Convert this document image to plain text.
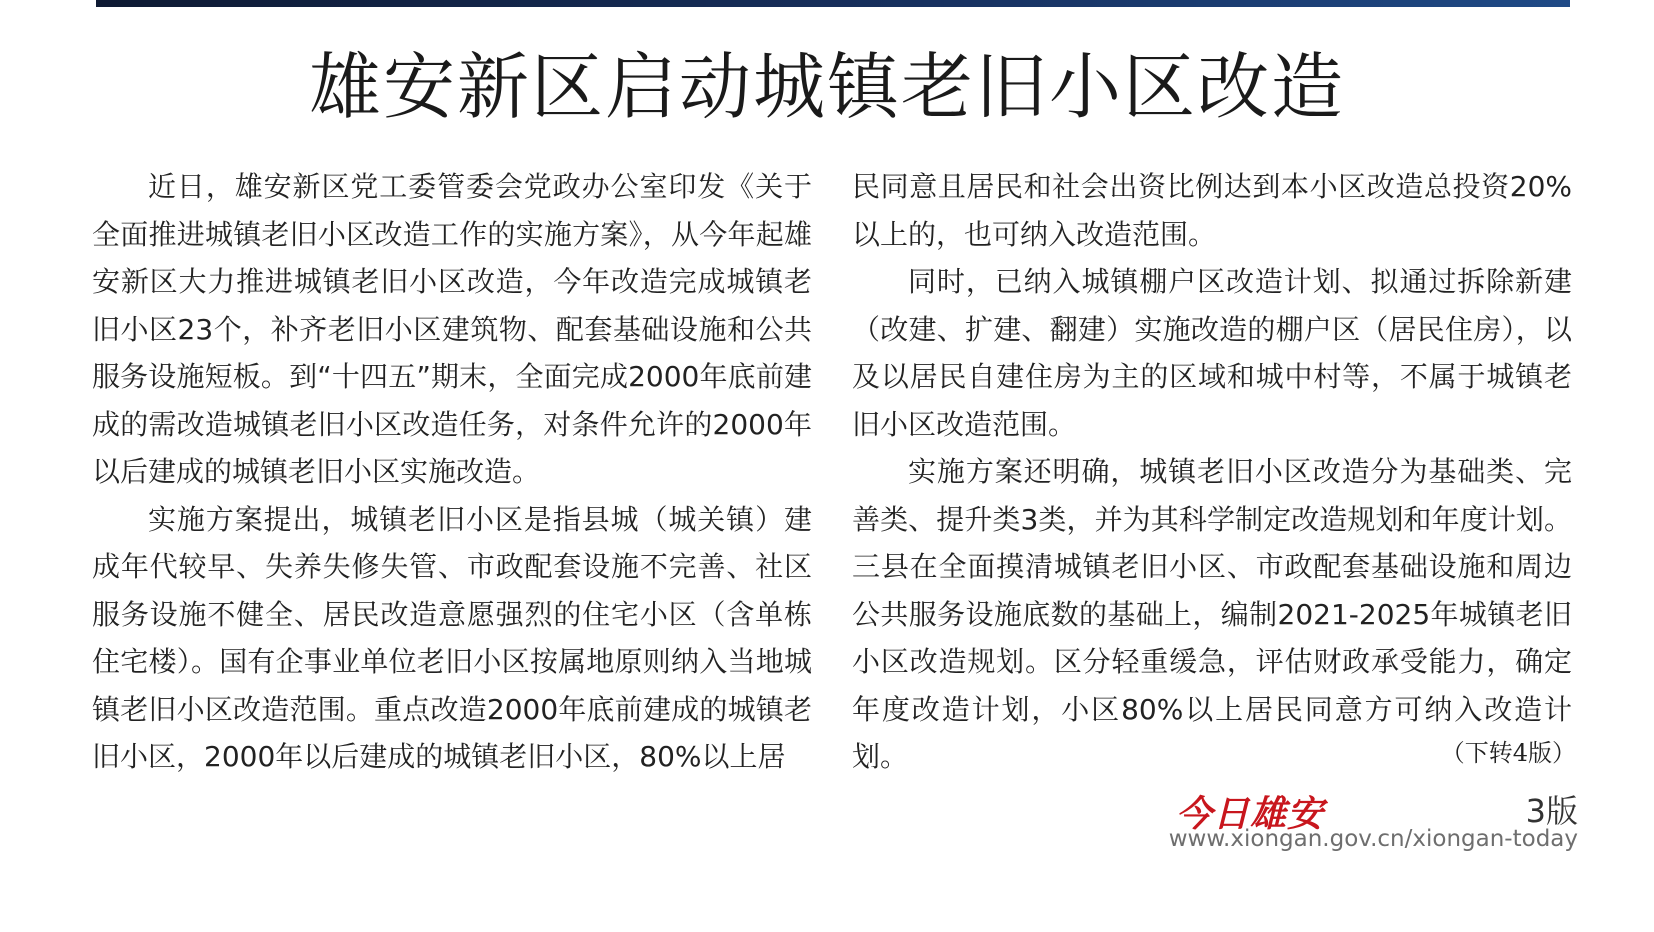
雄安新区启动城镇老旧小区改造

近日，雄安新区党工委管委会党政办公室印发《关于全面推进城镇老旧小区改造工作的实施方案》，从今年起雄安新区大力推进城镇老旧小区改造，今年改造完成城镇老旧小区23个，补齐老旧小区建筑物、配套基础设施和公共服务设施短板。到“十四五”期末，全面完成2000年底前建成的需改造城镇老旧小区改造任务，对条件允许的2000年以后建成的城镇老旧小区实施改造。

实施方案提出，城镇老旧小区是指县城（城关镇）建成年代较早、失养失修失管、市政配套设施不完善、社区服务设施不健全、居民改造意愿强烈的住宅小区（含单栋住宅楼）。国有企事业单位老旧小区按属地原则纳入当地城镇老旧小区改造范围。重点改造2000年底前建成的城镇老旧小区，2000年以后建成的城镇老旧小区，80%以上居

民同意且居民和社会出资比例达到本小区改造总投资20%以上的，也可纳入改造范围。

同时，已纳入城镇棚户区改造计划、拟通过拆除新建（改建、扩建、翻建）实施改造的棚户区（居民住房），以及以居民自建住房为主的区域和城中村等，不属于城镇老旧小区改造范围。

实施方案还明确，城镇老旧小区改造分为基础类、完善类、提升类3类，并为其科学制定改造规划和年度计划。三县在全面摸清城镇老旧小区、市政配套基础设施和周边公共服务设施底数的基础上，编制2021-2025年城镇老旧小区改造规划。区分轻重缓急，评估财政承受能力，确定年度改造计划，小区80%以上居民同意方可纳入改造计划。	（下转4版）
今日雄安	3版
www.xiongan.gov.cn/xiongan-today
